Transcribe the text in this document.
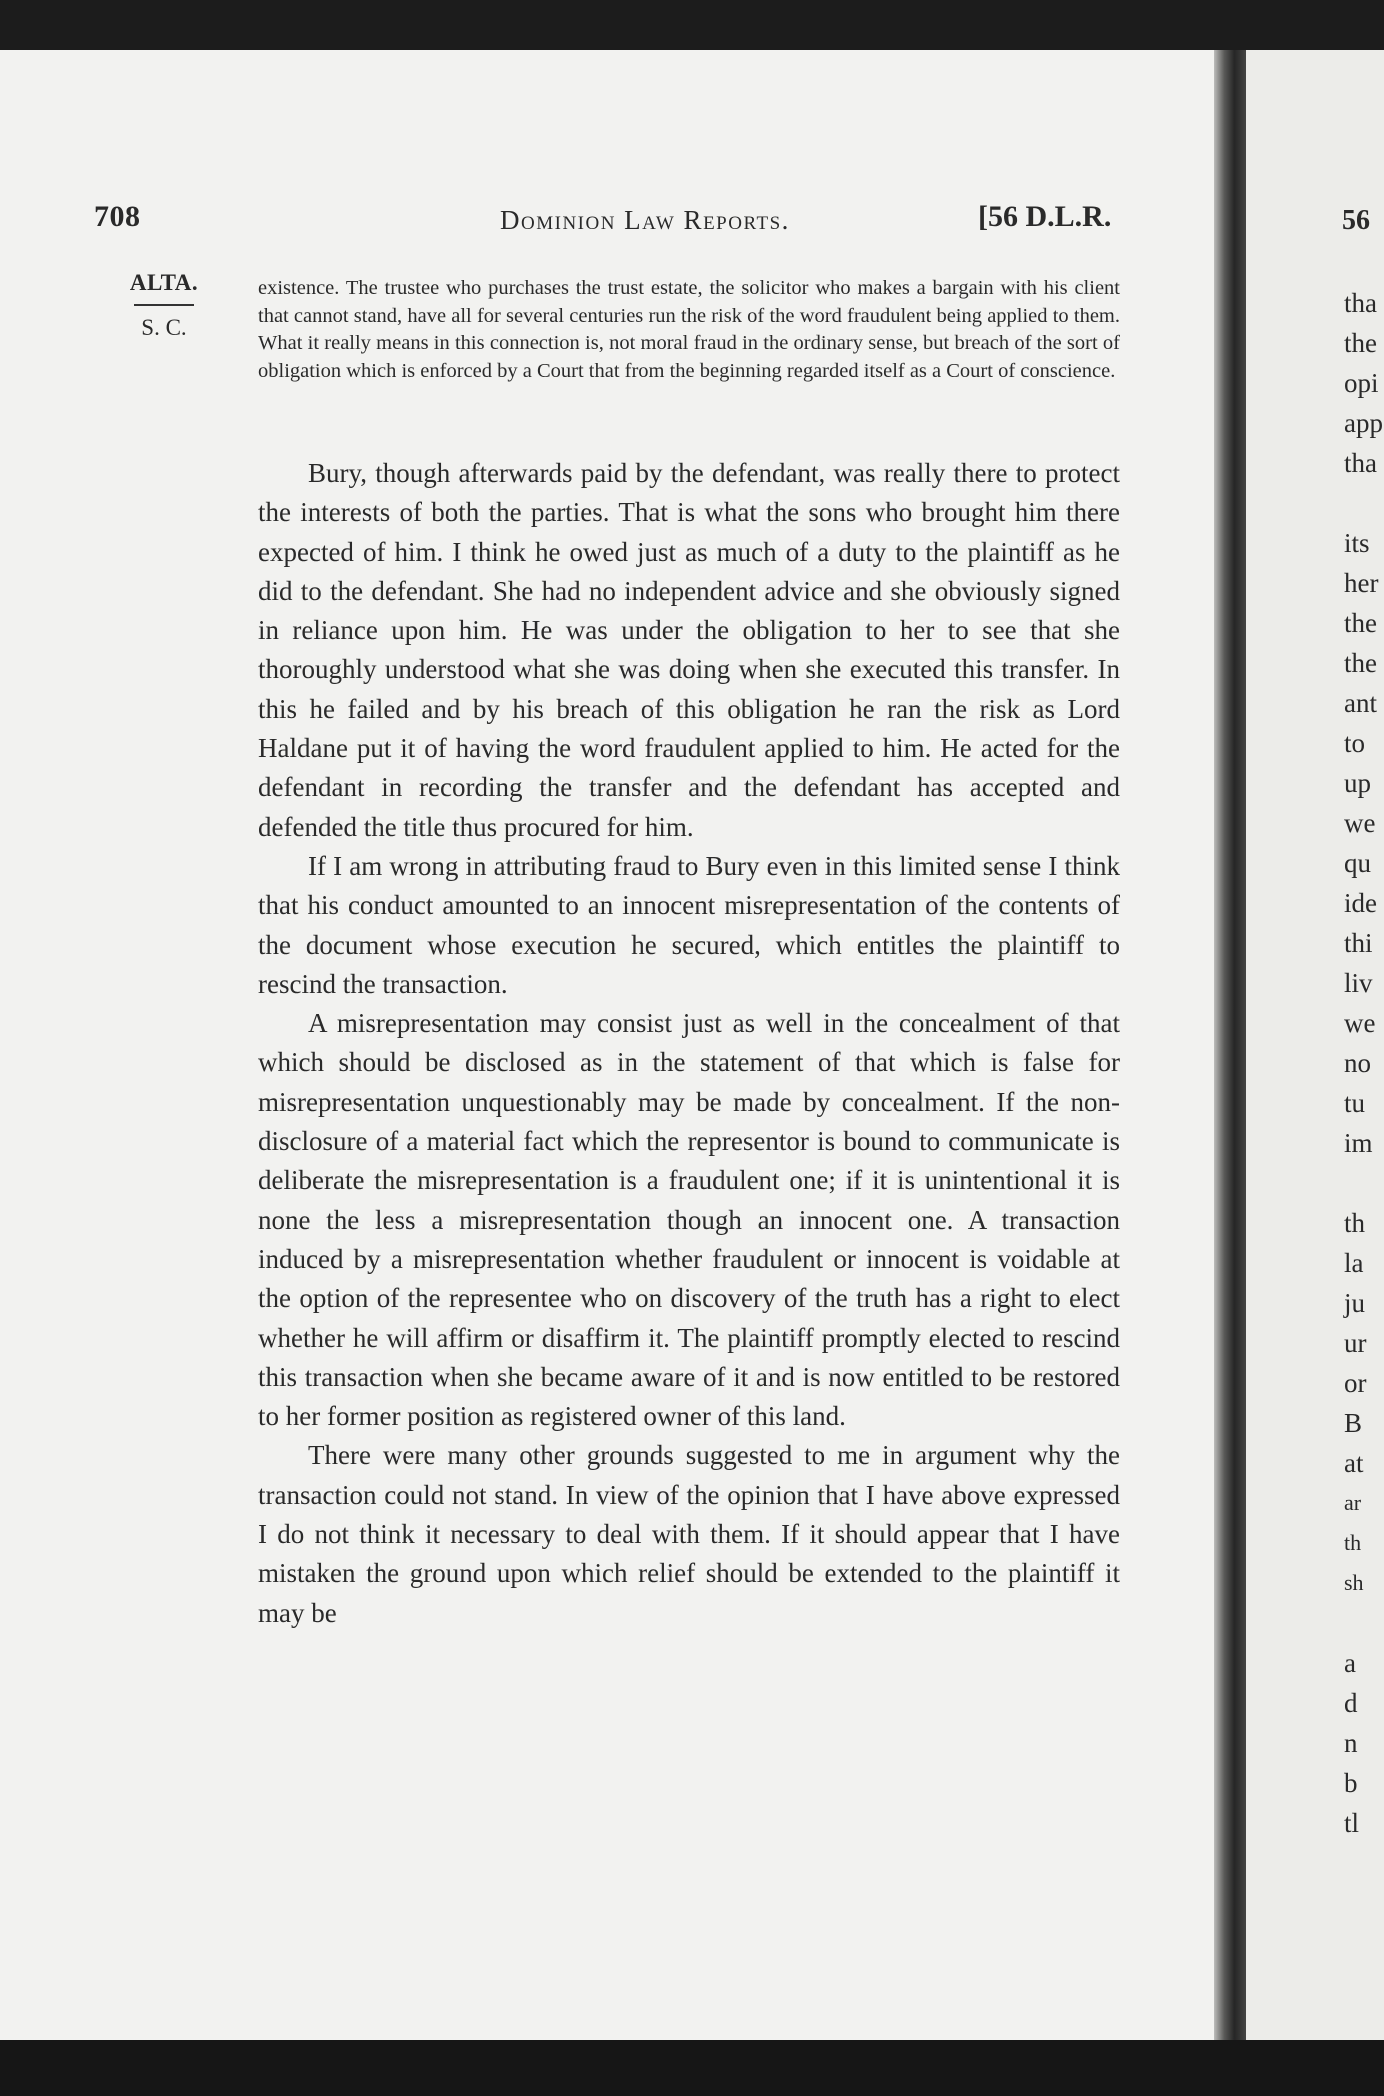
708	Dominion Law Reports.	[56 D.L.R.
ALTA.
S. C.
existence. The trustee who purchases the trust estate, the solicitor who makes a bargain with his client that cannot stand, have all for several centuries run the risk of the word fraudulent being applied to them. What it really means in this connection is, not moral fraud in the ordinary sense, but breach of the sort of obligation which is enforced by a Court that from the beginning regarded itself as a Court of conscience.

Bury, though afterwards paid by the defendant, was really there to protect the interests of both the parties. That is what the sons who brought him there expected of him. I think he owed just as much of a duty to the plaintiff as he did to the defendant. She had no independent advice and she obviously signed in reliance upon him. He was under the obligation to her to see that she thoroughly understood what she was doing when she executed this transfer. In this he failed and by his breach of this obligation he ran the risk as Lord Haldane put it of having the word fraudulent applied to him. He acted for the defendant in recording the transfer and the defendant has accepted and defended the title thus procured for him.

If I am wrong in attributing fraud to Bury even in this limited sense I think that his conduct amounted to an innocent misrepresentation of the contents of the document whose execution he secured, which entitles the plaintiff to rescind the transaction.

A misrepresentation may consist just as well in the concealment of that which should be disclosed as in the statement of that which is false for misrepresentation unquestionably may be made by concealment. If the non-disclosure of a material fact which the representor is bound to communicate is deliberate the misrepresentation is a fraudulent one; if it is unintentional it is none the less a misrepresentation though an innocent one. A transaction induced by a misrepresentation whether fraudulent or innocent is voidable at the option of the representee who on discovery of the truth has a right to elect whether he will affirm or disaffirm it. The plaintiff promptly elected to rescind this transaction when she became aware of it and is now entitled to be restored to her former position as registered owner of this land.

There were many other grounds suggested to me in argument why the transaction could not stand. In view of the opinion that I have above expressed I do not think it necessary to deal with them. If it should appear that I have mistaken the ground upon which relief should be extended to the plaintiff it may be

56
tha
the
opi
app
tha
its
her
the
the
ant
to
up
we
qu
ide
thi
liv
we
no
tu
im
th
la
ju
ur
or
B
at
ar
th
sh
a
d
n
b
tl
